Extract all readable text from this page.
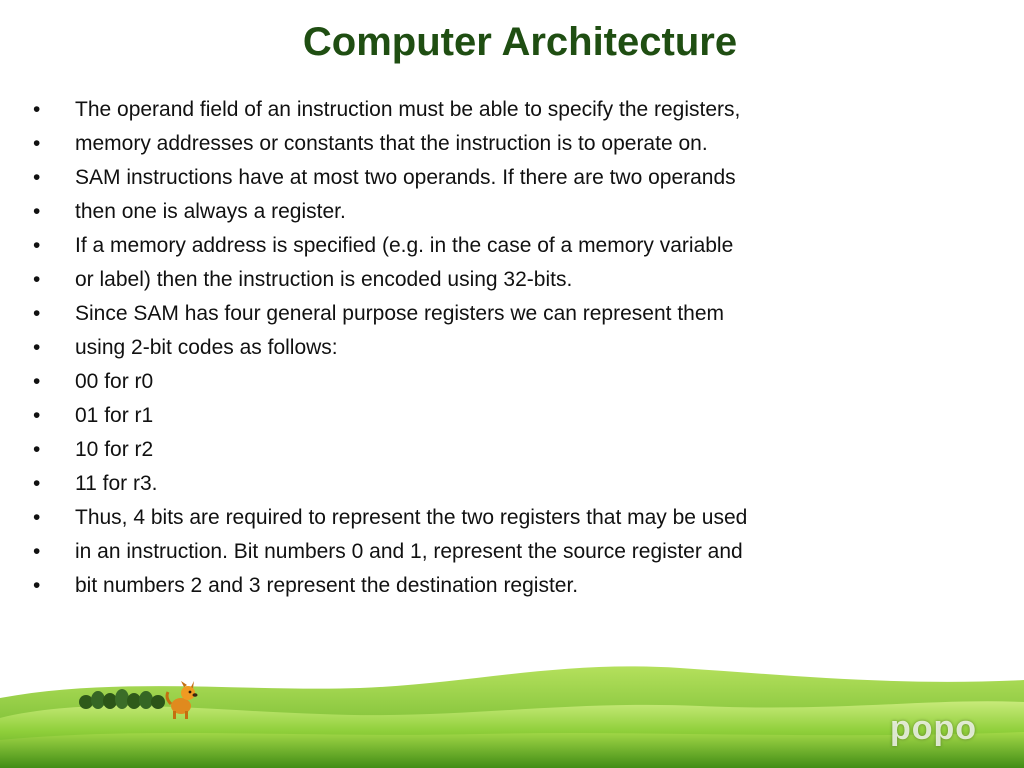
Computer Architecture
•	The operand field of an instruction must be able to specify the registers,
•	memory addresses or constants that the instruction is to operate on.
•	SAM instructions have at most two operands. If there are two operands
•	then one is always a register.
•	If a memory address is specified (e.g. in the case of a memory variable
•	or label) then the instruction is encoded using 32-bits.
•	Since SAM has four general purpose registers we can represent them
•	using 2-bit codes as follows:
•	00 for r0
•	01 for r1
•	10 for r2
•	11 for r3.
•	Thus, 4 bits are required to represent the two registers that may be used
•	in an instruction. Bit numbers 0 and 1, represent the source register and
•	bit numbers 2 and 3 represent the destination register.
popo
